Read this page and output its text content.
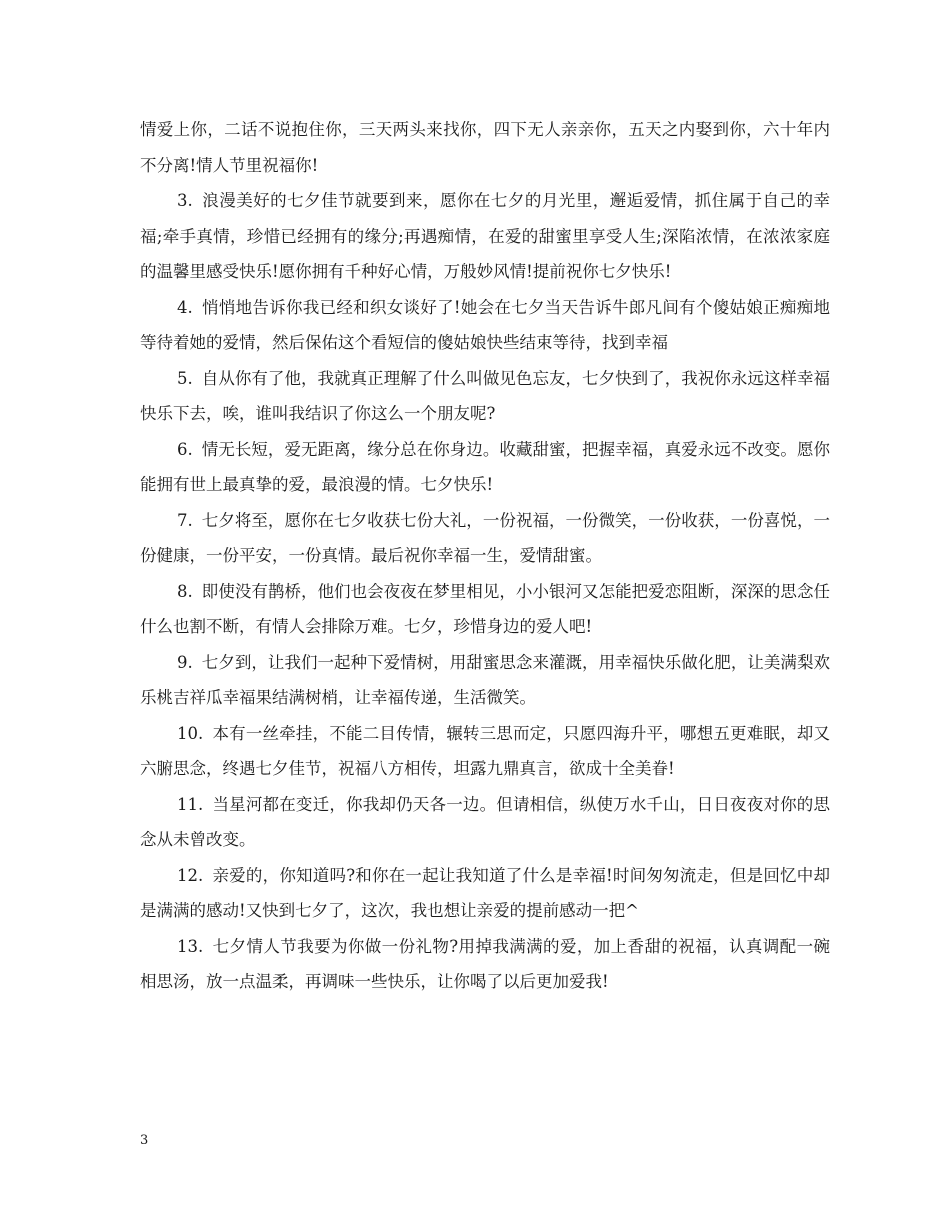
情爱上你，二话不说抱住你，三天两头来找你，四下无人亲亲你，五天之内娶到你，六十年内不分离!情人节里祝福你!

3. 浪漫美好的七夕佳节就要到来，愿你在七夕的月光里，邂逅爱情，抓住属于自己的幸福;牵手真情，珍惜已经拥有的缘分;再遇痴情，在爱的甜蜜里享受人生;深陷浓情，在浓浓家庭的温馨里感受快乐!愿你拥有千种好心情，万般妙风情!提前祝你七夕快乐!

4. 悄悄地告诉你我已经和织女谈好了!她会在七夕当天告诉牛郎凡间有个傻姑娘正痴痴地等待着她的爱情，然后保佑这个看短信的傻姑娘快些结束等待，找到幸福

5. 自从你有了他，我就真正理解了什么叫做见色忘友，七夕快到了，我祝你永远这样幸福快乐下去，唉，谁叫我结识了你这么一个朋友呢?

6. 情无长短，爱无距离，缘分总在你身边。收藏甜蜜，把握幸福，真爱永远不改变。愿你能拥有世上最真挚的爱，最浪漫的情。七夕快乐!

7. 七夕将至，愿你在七夕收获七份大礼，一份祝福，一份微笑，一份收获，一份喜悦，一份健康，一份平安，一份真情。最后祝你幸福一生，爱情甜蜜。

8. 即使没有鹊桥，他们也会夜夜在梦里相见，小小银河又怎能把爱恋阻断，深深的思念任什么也割不断，有情人会排除万难。七夕，珍惜身边的爱人吧!

9. 七夕到，让我们一起种下爱情树，用甜蜜思念来灌溉，用幸福快乐做化肥，让美满梨欢乐桃吉祥瓜幸福果结满树梢，让幸福传递，生活微笑。

10. 本有一丝牵挂，不能二目传情，辗转三思而定，只愿四海升平，哪想五更难眠，却又六腑思念，终遇七夕佳节，祝福八方相传，坦露九鼎真言，欲成十全美眷!

11. 当星河都在变迁，你我却仍天各一边。但请相信，纵使万水千山，日日夜夜对你的思念从未曾改变。

12. 亲爱的，你知道吗?和你在一起让我知道了什么是幸福!时间匆匆流走，但是回忆中却是满满的感动!又快到七夕了，这次，我也想让亲爱的提前感动一把^

13. 七夕情人节我要为你做一份礼物?用掉我满满的爱，加上香甜的祝福，认真调配一碗相思汤，放一点温柔，再调味一些快乐，让你喝了以后更加爱我!

3
